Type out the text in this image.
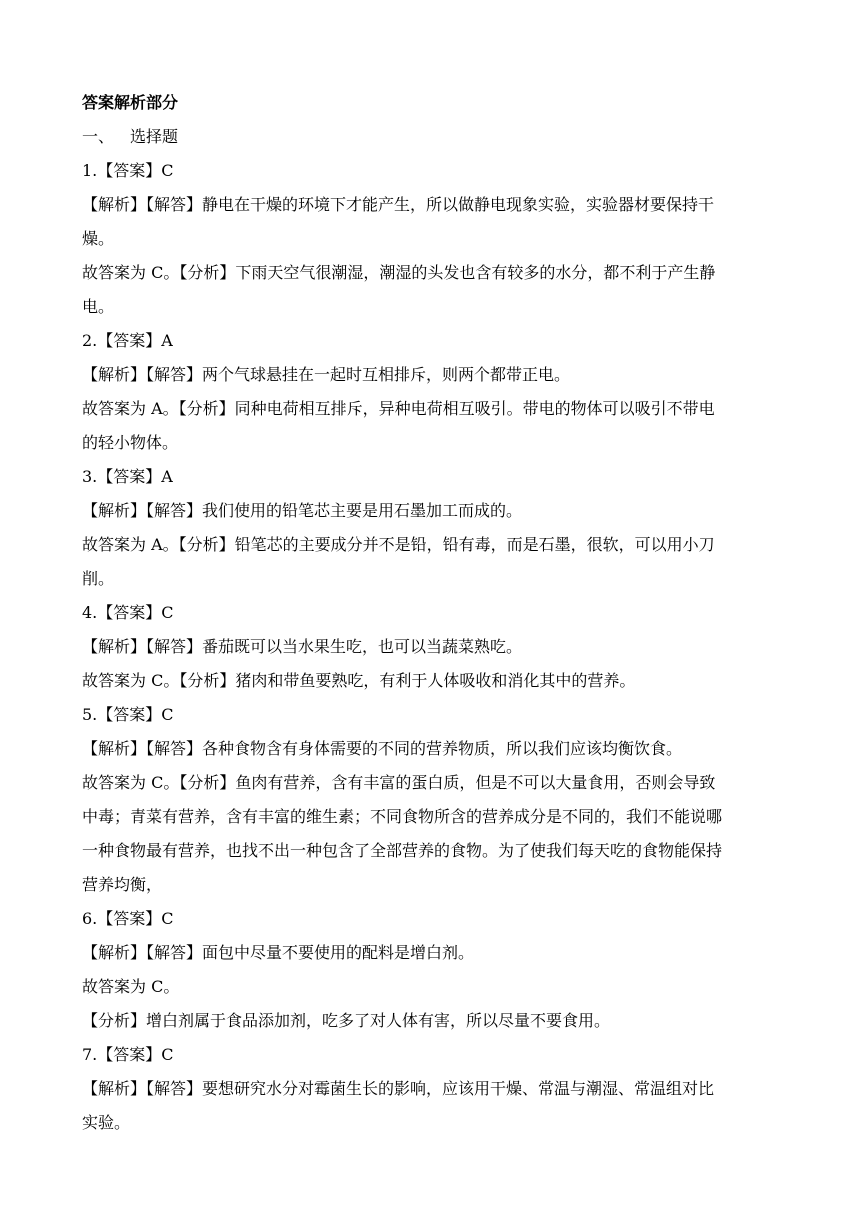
答案解析部分
一、 选择题
1.【答案】C
【解析】【解答】静电在干燥的环境下才能产生，所以做静电现象实验，实验器材要保持干
燥。
故答案为 C。【分析】下雨天空气很潮湿，潮湿的头发也含有较多的水分，都不利于产生静
电。
2.【答案】A
【解析】【解答】两个气球悬挂在一起时互相排斥，则两个都带正电。
故答案为 A。【分析】同种电荷相互排斥，异种电荷相互吸引。带电的物体可以吸引不带电
的轻小物体。
3.【答案】A
【解析】【解答】我们使用的铅笔芯主要是用石墨加工而成的。
故答案为 A。【分析】铅笔芯的主要成分并不是铅，铅有毒，而是石墨，很软，可以用小刀
削。
4.【答案】C
【解析】【解答】番茄既可以当水果生吃，也可以当蔬菜熟吃。
故答案为 C。【分析】猪肉和带鱼要熟吃，有利于人体吸收和消化其中的营养。
5.【答案】C
【解析】【解答】各种食物含有身体需要的不同的营养物质，所以我们应该均衡饮食。
故答案为 C。【分析】鱼肉有营养，含有丰富的蛋白质，但是不可以大量食用，否则会导致
中毒；青菜有营养，含有丰富的维生素；不同食物所含的营养成分是不同的，我们不能说哪
一种食物最有营养，也找不出一种包含了全部营养的食物。为了使我们每天吃的食物能保持
营养均衡，
6.【答案】C
【解析】【解答】面包中尽量不要使用的配料是增白剂。
故答案为 C。
【分析】增白剂属于食品添加剂，吃多了对人体有害，所以尽量不要食用。
7.【答案】C
【解析】【解答】要想研究水分对霉菌生长的影响，应该用干燥、常温与潮湿、常温组对比
实验。
